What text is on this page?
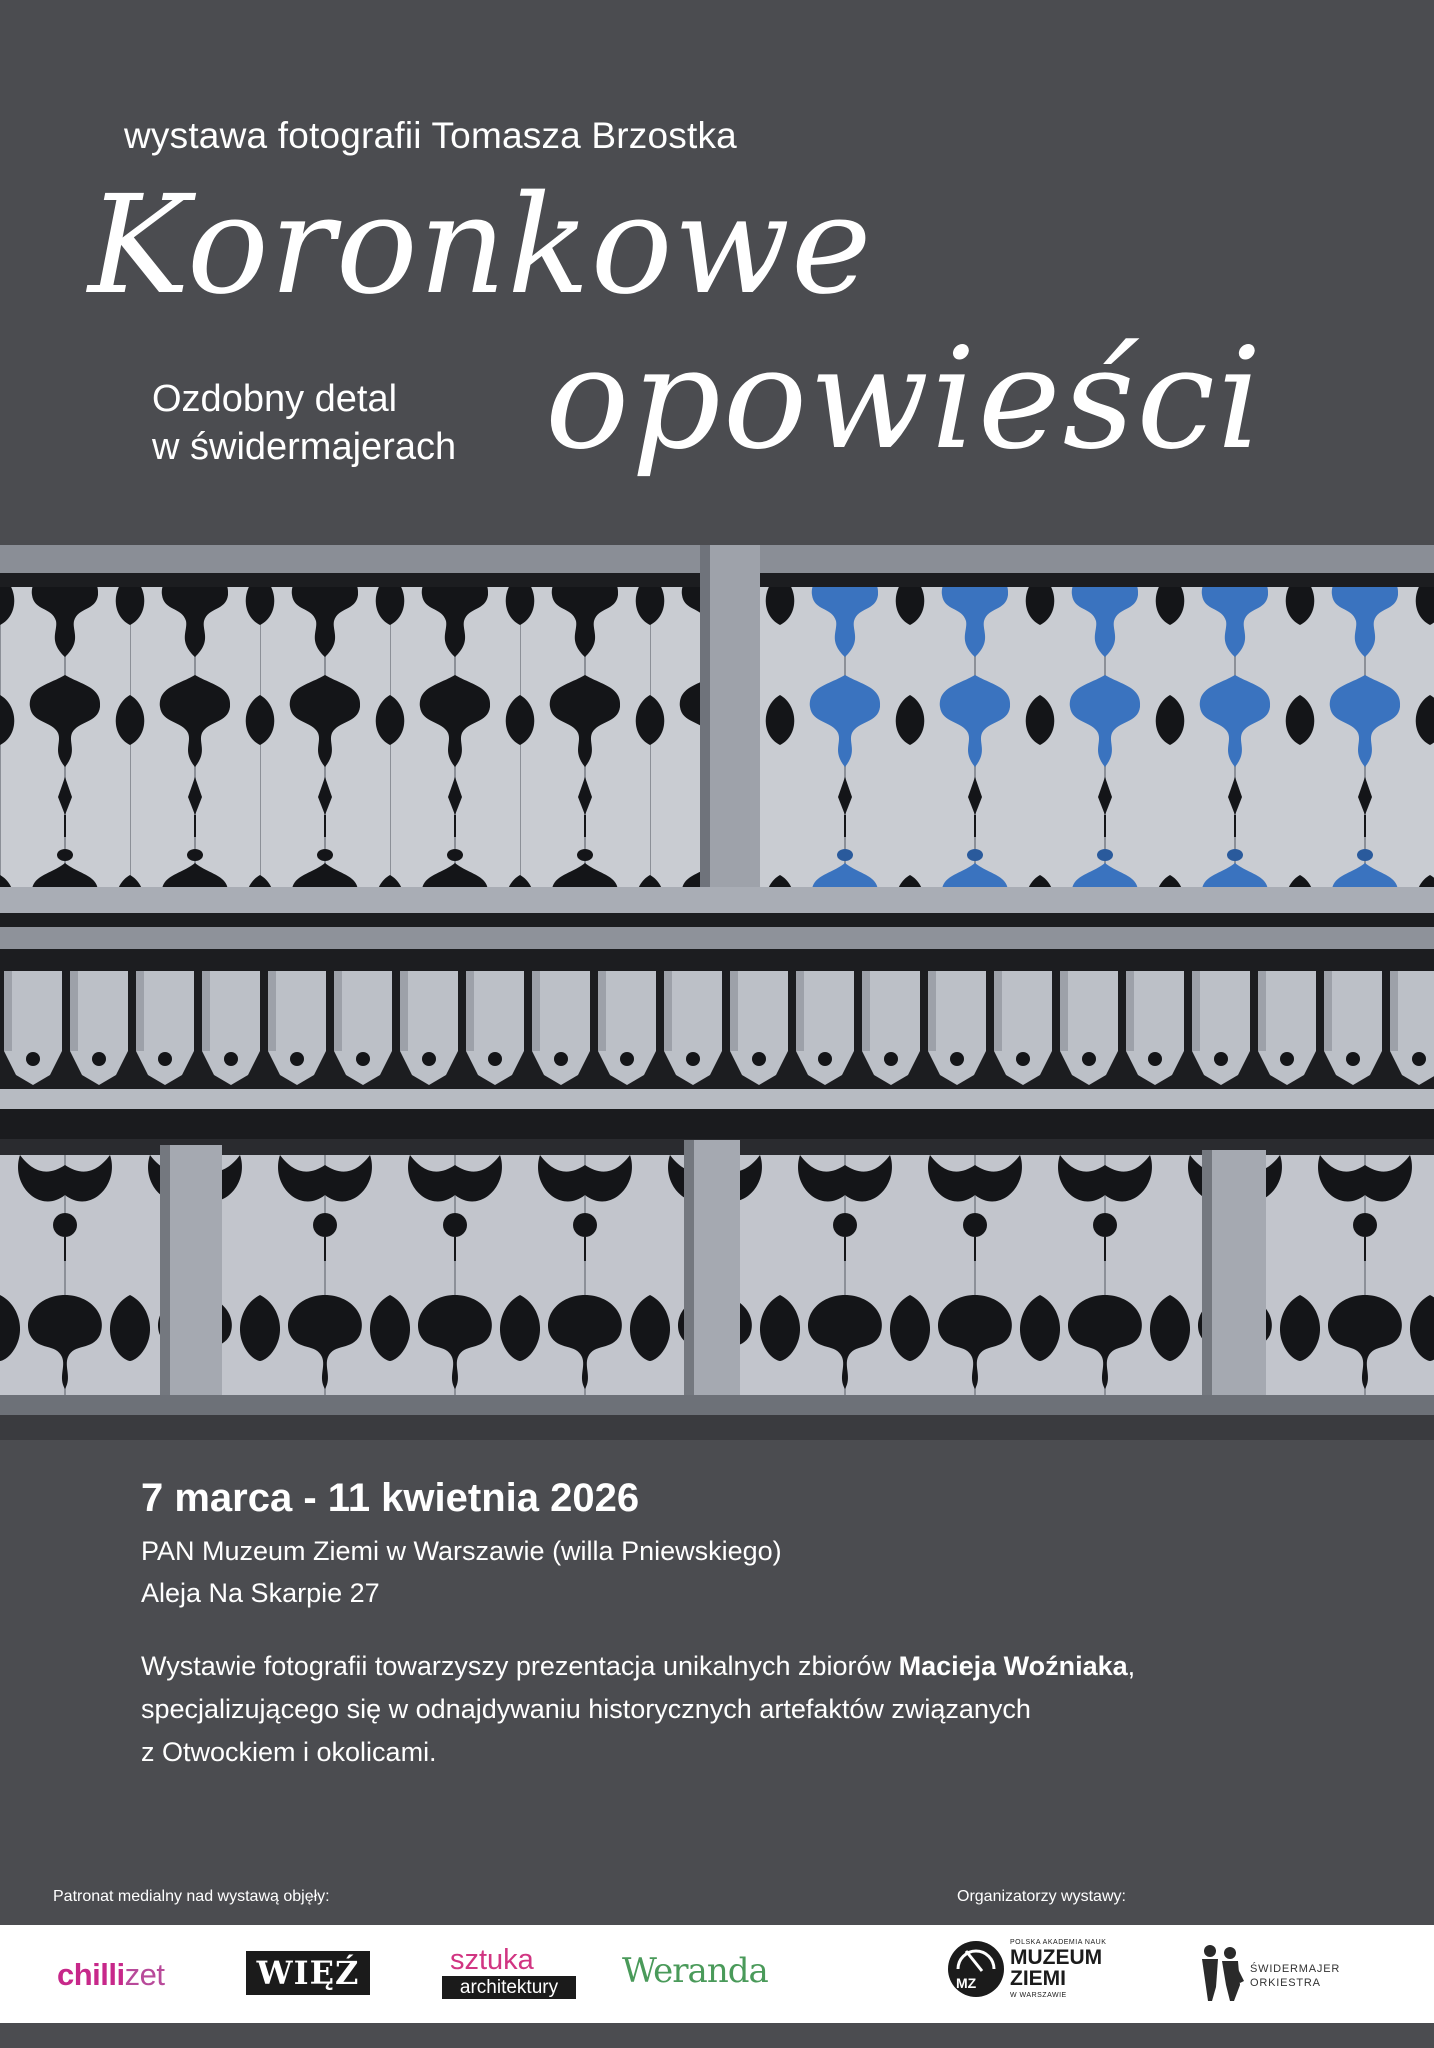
wystawa fotografii Tomasza Brzostka
Koronkowe
opowieści
Ozdobny detal
w świdermajerach
7 marca - 11 kwietnia 2026
PAN Muzeum Ziemi w Warszawie (willa Pniewskiego)
Aleja Na Skarpie 27
Wystawie fotografii towarzyszy prezentacja unikalnych zbiorów Macieja Woźniaka,
specjalizującego się w odnajdywaniu historycznych artefaktów związanych
z Otwockiem i okolicami.
Patronat medialny nad wystawą objęły:	Organizatorzy wystawy:
chillizet	WIĘŹ	sztuka
architektury	Weranda	MZ
POLSKA AKADEMIA NAUK
MUZEUM
ZIEMI
W WARSZAWIE
ŚWIDERMAJER
ORKIESTRA
